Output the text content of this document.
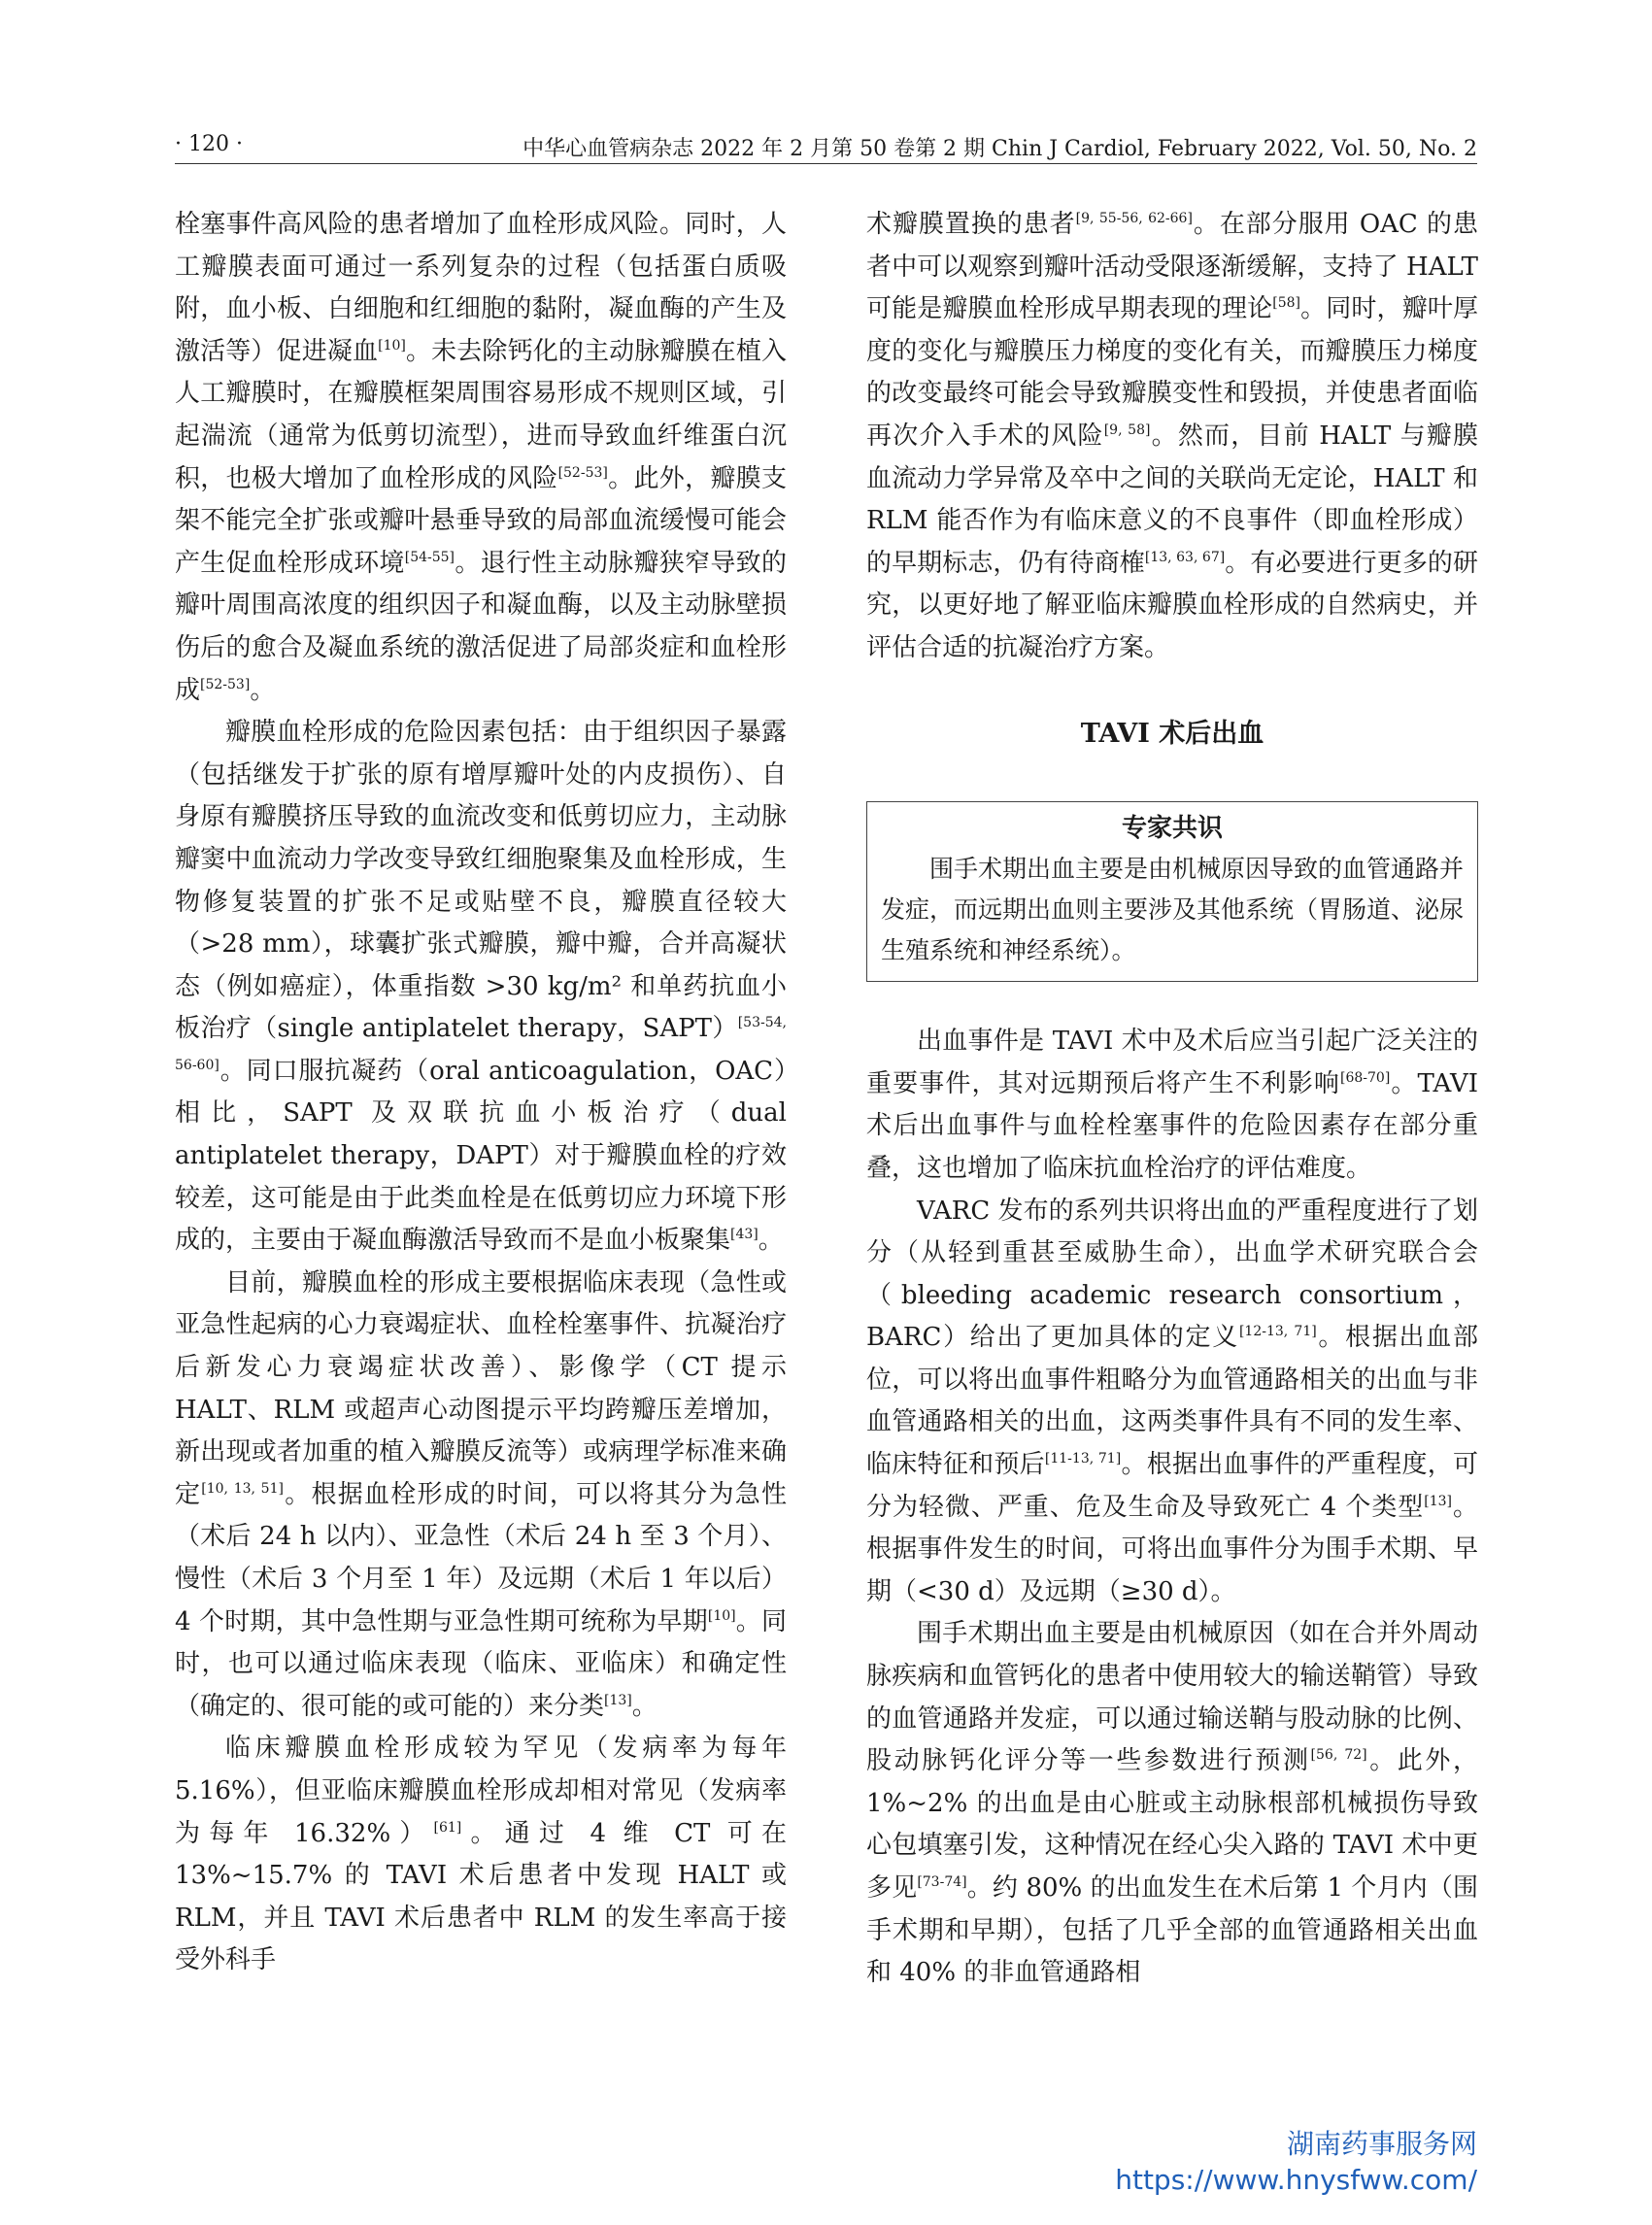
· 120 ·	中华心血管病杂志 2022 年 2 月第 50 卷第 2 期 Chin J Cardiol, February 2022, Vol. 50, No. 2

栓塞事件高风险的患者增加了血栓形成风险。同时，人工瓣膜表面可通过一系列复杂的过程（包括蛋白质吸附，血小板、白细胞和红细胞的黏附，凝血酶的产生及激活等）促进凝血[10]。未去除钙化的主动脉瓣膜在植入人工瓣膜时，在瓣膜框架周围容易形成不规则区域，引起湍流（通常为低剪切流型），进而导致血纤维蛋白沉积，也极大增加了血栓形成的风险[52-53]。此外，瓣膜支架不能完全扩张或瓣叶悬垂导致的局部血流缓慢可能会产生促血栓形成环境[54-55]。退行性主动脉瓣狭窄导致的瓣叶周围高浓度的组织因子和凝血酶，以及主动脉壁损伤后的愈合及凝血系统的激活促进了局部炎症和血栓形成[52-53]。

瓣膜血栓形成的危险因素包括：由于组织因子暴露（包括继发于扩张的原有增厚瓣叶处的内皮损伤）、自身原有瓣膜挤压导致的血流改变和低剪切应力，主动脉瓣窦中血流动力学改变导致红细胞聚集及血栓形成，生物修复装置的扩张不足或贴壁不良，瓣膜直径较大（>28 mm），球囊扩张式瓣膜，瓣中瓣，合并高凝状态（例如癌症），体重指数 >30 kg/m² 和单药抗血小板治疗（single antiplatelet therapy，SAPT）[53-54, 56-60]。同口服抗凝药（oral anticoagulation，OAC）相比，SAPT 及双联抗血小板治疗（dual antiplatelet therapy，DAPT）对于瓣膜血栓的疗效较差，这可能是由于此类血栓是在低剪切应力环境下形成的，主要由于凝血酶激活导致而不是血小板聚集[43]。

目前，瓣膜血栓的形成主要根据临床表现（急性或亚急性起病的心力衰竭症状、血栓栓塞事件、抗凝治疗后新发心力衰竭症状改善）、影像学（CT 提示 HALT、RLM 或超声心动图提示平均跨瓣压差增加，新出现或者加重的植入瓣膜反流等）或病理学标准来确定[10, 13, 51]。根据血栓形成的时间，可以将其分为急性（术后 24 h 以内）、亚急性（术后 24 h 至 3 个月）、慢性（术后 3 个月至 1 年）及远期（术后 1 年以后）4 个时期，其中急性期与亚急性期可统称为早期[10]。同时，也可以通过临床表现（临床、亚临床）和确定性（确定的、很可能的或可能的）来分类[13]。

临床瓣膜血栓形成较为罕见（发病率为每年 5.16%），但亚临床瓣膜血栓形成却相对常见（发病率为每年 16.32%）[61]。通过 4 维 CT 可在 13%~15.7% 的 TAVI 术后患者中发现 HALT 或 RLM，并且 TAVI 术后患者中 RLM 的发生率高于接受外科手

术瓣膜置换的患者[9, 55-56, 62-66]。在部分服用 OAC 的患者中可以观察到瓣叶活动受限逐渐缓解，支持了 HALT 可能是瓣膜血栓形成早期表现的理论[58]。同时，瓣叶厚度的变化与瓣膜压力梯度的变化有关，而瓣膜压力梯度的改变最终可能会导致瓣膜变性和毁损，并使患者面临再次介入手术的风险[9, 58]。然而，目前 HALT 与瓣膜血流动力学异常及卒中之间的关联尚无定论，HALT 和 RLM 能否作为有临床意义的不良事件（即血栓形成）的早期标志，仍有待商榷[13, 63, 67]。有必要进行更多的研究，以更好地了解亚临床瓣膜血栓形成的自然病史，并评估合适的抗凝治疗方案。

TAVI 术后出血
专家共识
围手术期出血主要是由机械原因导致的血管通路并发症，而远期出血则主要涉及其他系统（胃肠道、泌尿生殖系统和神经系统）。

出血事件是 TAVI 术中及术后应当引起广泛关注的重要事件，其对远期预后将产生不利影响[68-70]。TAVI 术后出血事件与血栓栓塞事件的危险因素存在部分重叠，这也增加了临床抗血栓治疗的评估难度。

VARC 发布的系列共识将出血的严重程度进行了划分（从轻到重甚至威胁生命），出血学术研究联合会（bleeding academic research consortium，BARC）给出了更加具体的定义[12-13, 71]。根据出血部位，可以将出血事件粗略分为血管通路相关的出血与非血管通路相关的出血，这两类事件具有不同的发生率、临床特征和预后[11-13, 71]。根据出血事件的严重程度，可分为轻微、严重、危及生命及导致死亡 4 个类型[13]。根据事件发生的时间，可将出血事件分为围手术期、早期（<30 d）及远期（≥30 d）。

围手术期出血主要是由机械原因（如在合并外周动脉疾病和血管钙化的患者中使用较大的输送鞘管）导致的血管通路并发症，可以通过输送鞘与股动脉的比例、股动脉钙化评分等一些参数进行预测[56, 72]。此外，1%~2% 的出血是由心脏或主动脉根部机械损伤导致心包填塞引发，这种情况在经心尖入路的 TAVI 术中更多见[73-74]。约 80% 的出血发生在术后第 1 个月内（围手术期和早期），包括了几乎全部的血管通路相关出血和 40% 的非血管通路相

湖南药事服务网
https://www.hnysfww.com/
